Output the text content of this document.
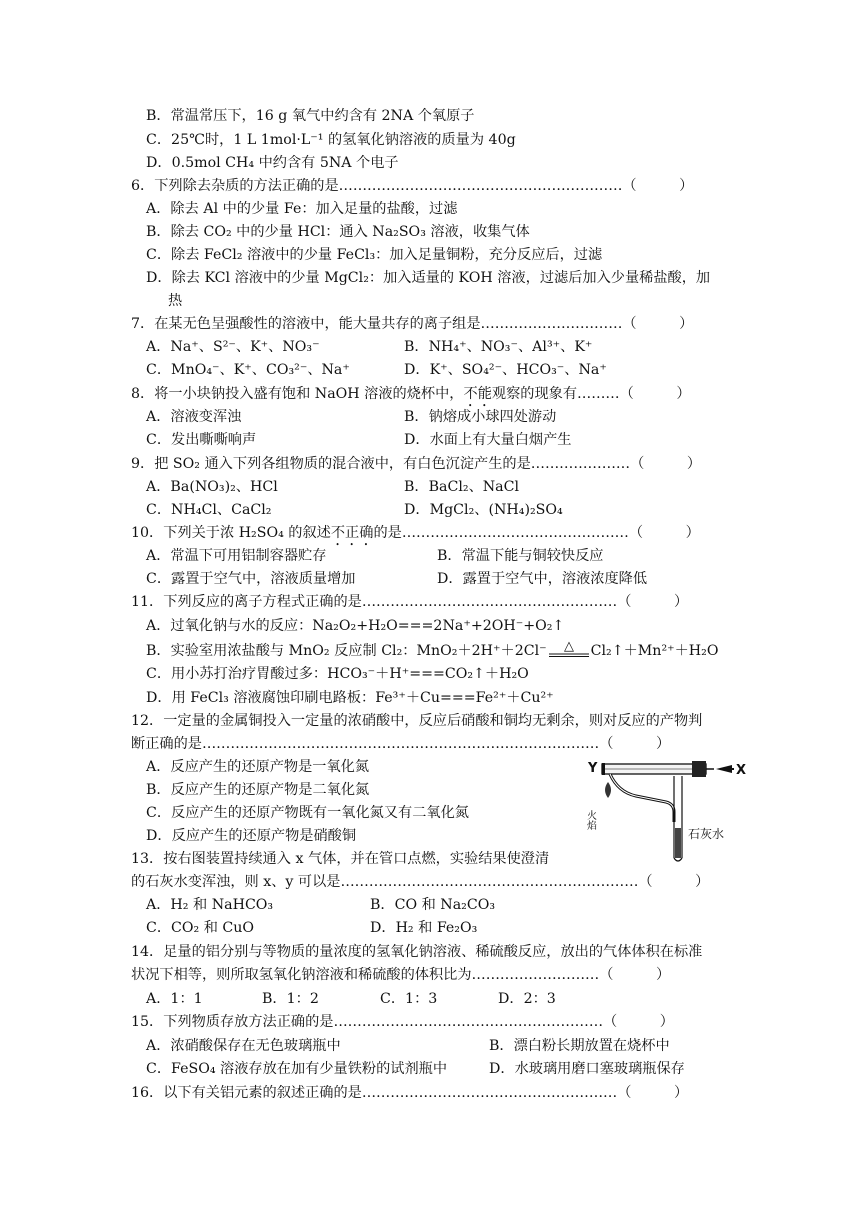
B．常温常压下，16 g 氧气中约含有 2NA 个氧原子
C．25℃时，1 L 1mol·L⁻¹ 的氢氧化钠溶液的质量为 40g
D．0.5mol CH₄ 中约含有 5NA 个电子
6．下列除去杂质的方法正确的是……………………………………………………（　　　）
A．除去 Al 中的少量 Fe：加入足量的盐酸，过滤
B．除去 CO₂ 中的少量 HCl：通入 Na₂SO₃ 溶液，收集气体
C．除去 FeCl₂ 溶液中的少量 FeCl₃：加入足量铜粉，充分反应后，过滤
D．除去 KCl 溶液中的少量 MgCl₂：加入适量的 KOH 溶液，过滤后加入少量稀盐酸，加
热
7．在某无色呈强酸性的溶液中，能大量共存的离子组是…………………………（　　　）
A．Na⁺、S²⁻、K⁺、NO₃⁻	B．NH₄⁺、NO₃⁻、Al³⁺、K⁺
C．MnO₄⁻、K⁺、CO₃²⁻、Na⁺	D．K⁺、SO₄²⁻、HCO₃⁻、Na⁺
8．将一小块钠投入盛有饱和 NaOH 溶液的烧杯中，不能观察的现象有………（　　　）
A．溶液变浑浊	B．钠熔成小球四处游动
C．发出嘶嘶响声	D．水面上有大量白烟产生
9．把 SO₂ 通入下列各组物质的混合液中，有白色沉淀产生的是…………………（　　　）
A．Ba(NO₃)₂、HCl	B．BaCl₂、NaCl
C．NH₄Cl、CaCl₂	D．MgCl₂、(NH₄)₂SO₄
10．下列关于浓 H₂SO₄ 的叙述不正确的是…………………………………………（　　　）
A．常温下可用铝制容器贮存	B．常温下能与铜较快反应
C．露置于空气中，溶液质量增加	D．露置于空气中，溶液浓度降低
11．下列反应的离子方程式正确的是………………………………………………（　　　）
A．过氧化钠与水的反应：Na₂O₂+H₂O===2Na⁺+2OH⁻+O₂↑
B．实验室用浓盐酸与 MnO₂ 反应制 Cl₂：MnO₂＋2H⁺＋2Cl⁻ △ Cl₂↑＋Mn²⁺＋H₂O
C．用小苏打治疗胃酸过多：HCO₃⁻＋H⁺===CO₂↑＋H₂O
D．用 FeCl₃ 溶液腐蚀印刷电路板：Fe³⁺＋Cu===Fe²⁺＋Cu²⁺
12．一定量的金属铜投入一定量的浓硝酸中，反应后硝酸和铜均无剩余，则对反应的产物判
断正确的是…………………………………………………………………………（　　　）
A．反应产生的还原产物是一氧化氮
B．反应产生的还原产物是二氧化氮
C．反应产生的还原产物既有一氧化氮又有二氧化氮
D．反应产生的还原产物是硝酸铜
Y	X
火焰
石灰水
13．按右图装置持续通入 x 气体，并在管口点燃，实验结果使澄清
的石灰水变浑浊，则 x、y 可以是………………………………………………………（　　　）
A．H₂ 和 NaHCO₃	B．CO 和 Na₂CO₃
C．CO₂ 和 CuO	D．H₂ 和 Fe₂O₃
14．足量的铝分别与等物质的量浓度的氢氧化钠溶液、稀硫酸反应，放出的气体体积在标准
状况下相等，则所取氢氧化钠溶液和稀硫酸的体积比为………………………（　　　）
A．1：1	B．1：2	C．1：3	D．2：3
15．下列物质存放方法正确的是…………………………………………………（　　　）
A．浓硝酸保存在无色玻璃瓶中	B．漂白粉长期放置在烧杯中
C．FeSO₄ 溶液存放在加有少量铁粉的试剂瓶中	D．水玻璃用磨口塞玻璃瓶保存
16．以下有关铝元素的叙述正确的是………………………………………………（　　　）
